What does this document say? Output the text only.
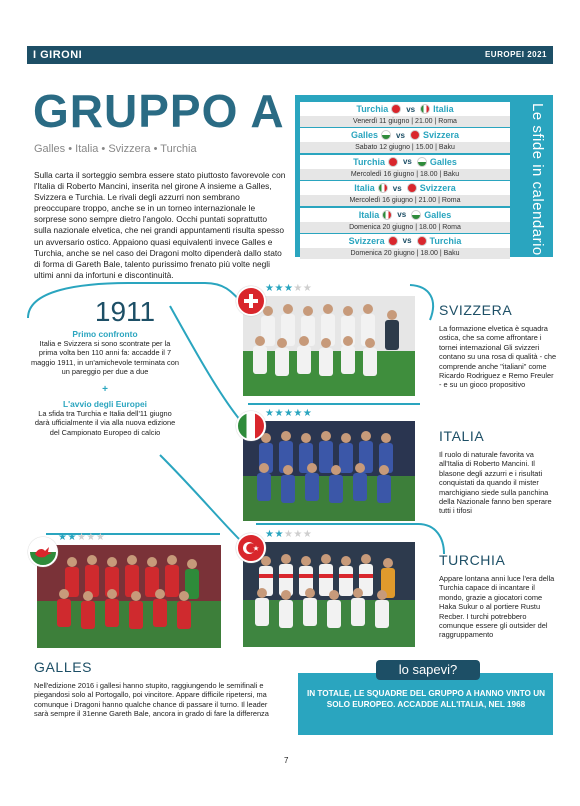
I GIRONI	EUROPEI 2021
GRUPPO A
Galles • Italia • Svizzera • Turchia
Sulla carta il sorteggio sembra essere stato piuttosto favorevole con l'Italia di Roberto Mancini, inserita nel girone A insieme a Galles, Svizzera e Turchia. Le rivali degli azzurri non sembrano preoccupare troppo, anche se in un torneo internazionale le sorprese sono sempre dietro l'angolo. Occhi puntati soprattutto sulla nazionale elvetica, che nei grandi appuntamenti risulta spesso un avversario ostico. Appaiono quasi equivalenti invece Galles e Turchia, anche se nel caso dei Dragoni molto dipenderà dallo stato di forma di Gareth Bale, talento purissimo frenato più volte negli ultimi anni da infortuni e discontinuità.
Turchia vs Italia
Venerdì 11 giugno | 21.00 | Roma
Galles vs Svizzera
Sabato 12 giugno | 15.00 | Baku
Turchia vs Galles
Mercoledì 16 giugno | 18.00 | Baku
Italia vs Svizzera
Mercoledì 16 giugno | 21.00 | Roma
Italia vs Galles
Domenica 20 giugno | 18.00 | Roma
Svizzera vs Turchia
Domenica 20 giugno | 18.00 | Baku	Le sfide in calendario
1911
Primo confronto
Italia e Svizzera si sono scontrate per la prima volta ben 110 anni fa: accadde il 7 maggio 1911, in un'amichevole terminata con un pareggio per due a due
+
L'avvio degli Europei
La sfida tra Turchia e Italia dell'11 giugno darà ufficialmente il via alla nuova edizione del Campionato Europeo di calcio
★★★★★
SVIZZERA
La formazione elvetica è squadra ostica, che sa come affrontare i tornei internazional Gli svizzeri contano su una rosa di qualità - che comprende anche "italiani" come Ricardo Rodriguez e Remo Freuler - e su un gioco propositivo
★★★★★
ITALIA
Il ruolo di naturale favorita va all'Italia di Roberto Mancini. Il blasone degli azzurri e i risultati conquistati da quando il mister marchigiano siede sulla panchina della Nazionale fanno ben sperare tutti i tifosi
★★★★★
TURCHIA
Appare lontana anni luce l'era della Turchia capace di incantare il mondo, grazie a giocatori come Haka Sukur o al portiere Rustu Recber. I turchi potrebbero comunque essere gli outsider del raggruppamento
★★★★★
GALLES
Nell'edizione 2016 i gallesi hanno stupito, raggiungendo le semifinali e piegandosi solo al Portogallo, poi vincitore. Appare difficile ripetersi, ma comunque i Dragoni hanno qualche chance di passare il turno. Il leader sarà sempre il 31enne Gareth Bale, ancora in grado di fare la differenza
lo sapevi?
IN TOTALE, LE SQUADRE DEL GRUPPO A HANNO VINTO UN SOLO EUROPEO. ACCADDE ALL'ITALIA, NEL 1968
7
